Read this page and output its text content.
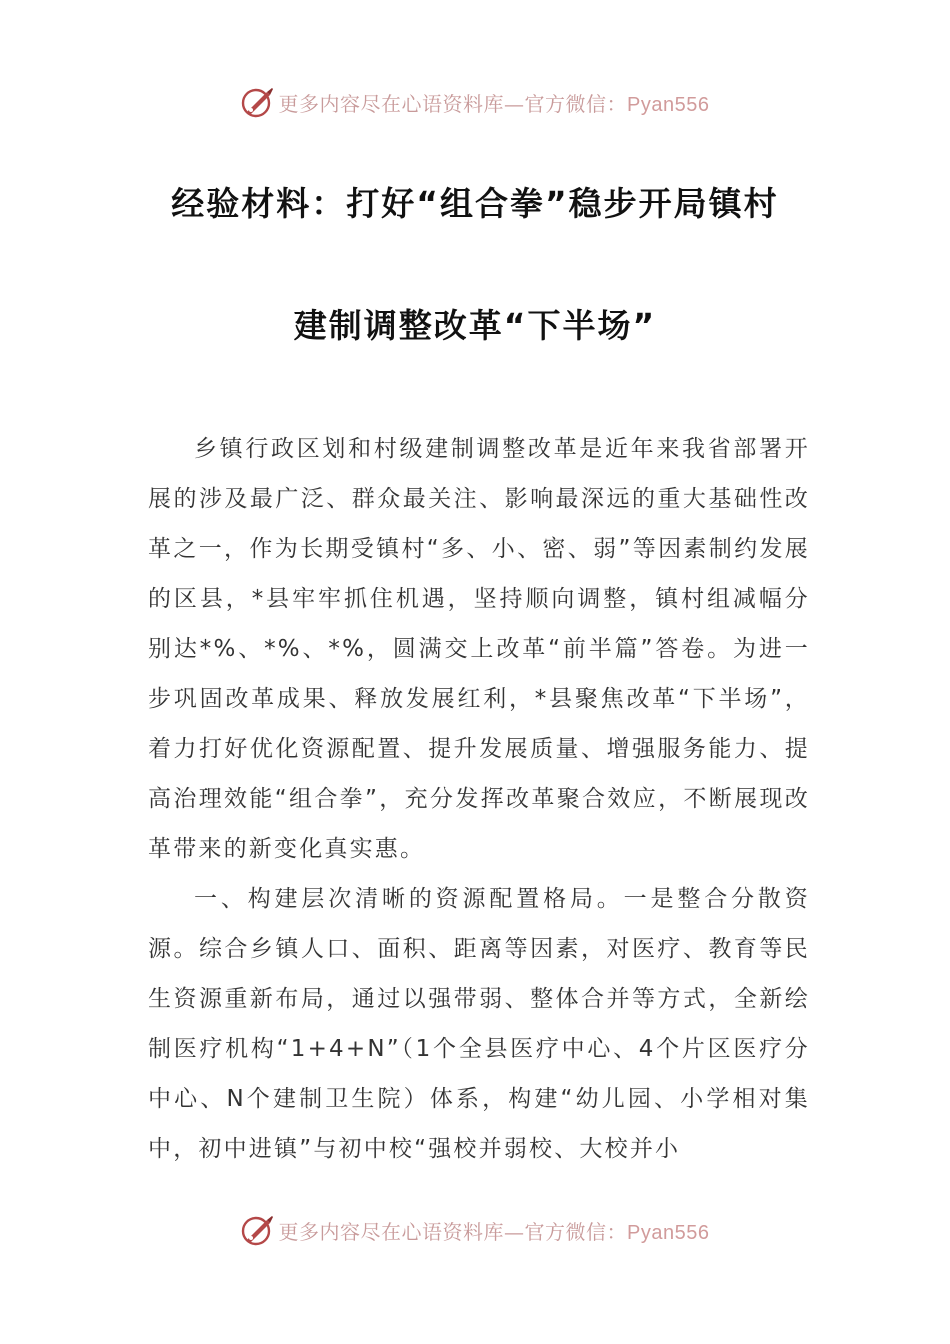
更多内容尽在心语资料库—官方微信：Pyan556
经验材料：打好“组合拳”稳步开局镇村
建制调整改革“下半场”

乡镇行政区划和村级建制调整改革是近年来我省部署开展的涉及最广泛、群众最关注、影响最深远的重大基础性改革之一，作为长期受镇村“多、小、密、弱”等因素制约发展的区县，*县牢牢抓住机遇，坚持顺向调整，镇村组减幅分别达*%、*%、*%，圆满交上改革“前半篇”答卷。为进一步巩固改革成果、释放发展红利，*县聚焦改革“下半场”，着力打好优化资源配置、提升发展质量、增强服务能力、提高治理效能“组合拳”，充分发挥改革聚合效应，不断展现改革带来的新变化真实惠。

一、构建层次清晰的资源配置格局。一是整合分散资源。综合乡镇人口、面积、距离等因素，对医疗、教育等民生资源重新布局，通过以强带弱、整体合并等方式，全新绘制医疗机构“1+4+N”（1个全县医疗中心、4个片区医疗分中心、N个建制卫生院）体系，构建“幼儿园、小学相对集中，初中进镇”与初中校“强校并弱校、大校并小

更多内容尽在心语资料库—官方微信：Pyan556
